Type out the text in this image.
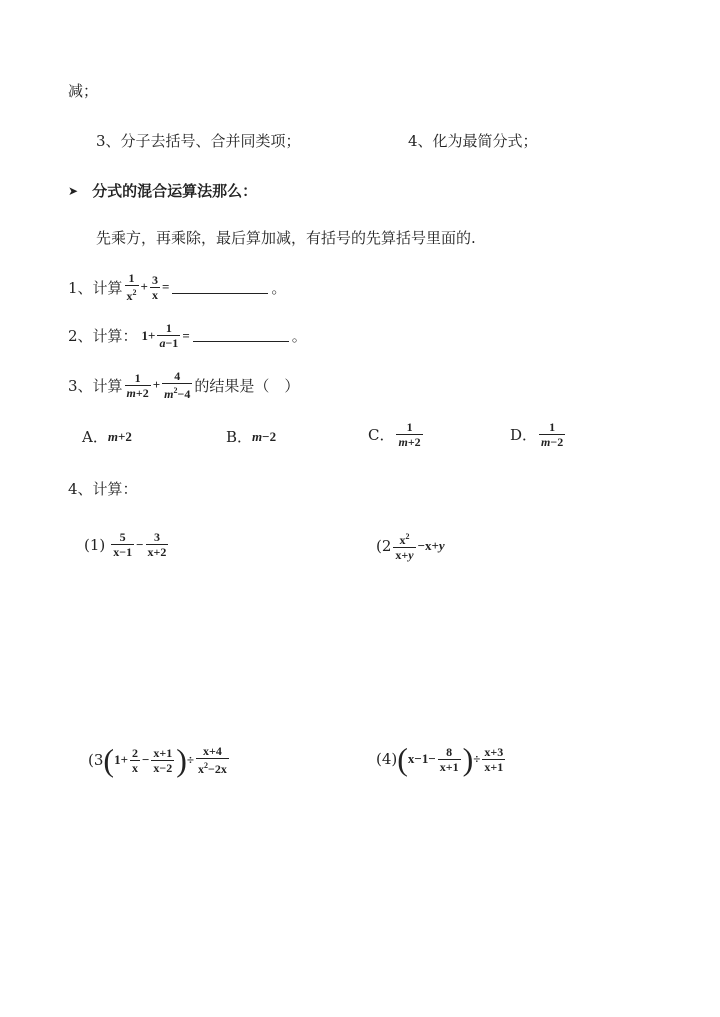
减；
3、分子去括号、合并同类项；	4、化为最简分式；
➤ 分式的混合运算法那么：
先乘方，再乘除，最后算加减，有括号的先算括号里面的.
1、计算 $\frac{1}{x^2} + \frac{3}{x}$ =	。
2、计算： $1+ \frac{1}{a-1}$ =	。
3、计算 $\frac{1}{m+2} + \frac{4}{m^2-4}$ 的结果是（　）
A． m +2	B． m −2	C． $\frac{1}{m+2}$	D． $\frac{1}{m-2}$
4、计算：
$(1) \frac{5}{x-1} - \frac{3}{x+2}$	($2 \frac{x^2}{x+y} -x+y$
(3 ( $1+ \frac{2}{x} - \frac{x+1}{x-2}$ ) ÷ $\frac{x+4}{x^2-2x}$	(4) ( $x-1- \frac{8}{x+1}$ ) ÷ $\frac{x+3}{x+1}$
